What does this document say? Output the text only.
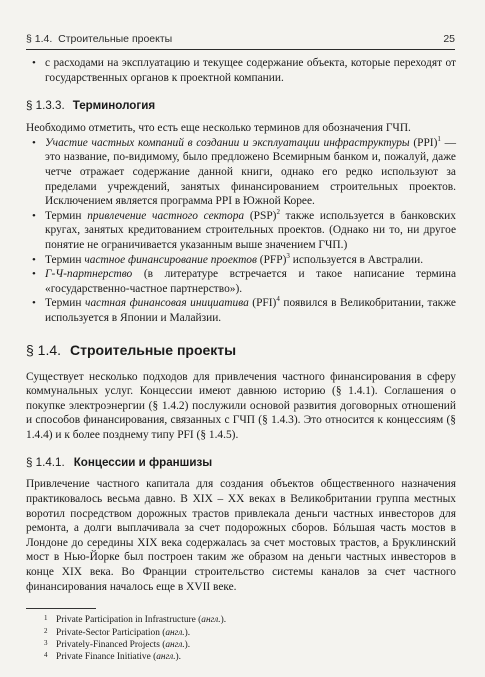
§ 1.4. Строительные проекты	25
• с расходами на эксплуатацию и текущее содержание объекта, которые переходят от государственных органов к проектной компании.
§ 1.3.3. Терминология

Необходимо отметить, что есть еще несколько терминов для обозначения ГЧП.

• Участие частных компаний в создании и эксплуатации инфраструктуры (PPI)$^1$ — это название, по-видимому, было предложено Всемирным банком и, пожалуй, даже четче отражает содержание данной книги, однако его редко используют за пределами учреждений, занятых финансированием строительных проектов. Исключением является программа PPI в Южной Корее.
• Термин привлечение частного сектора (PSP)$^2$ также используется в банковских кругах, занятых кредитованием строительных проектов. (Однако ни то, ни другое понятие не ограничивается указанным выше значением ГЧП.)
• Термин частное финансирование проектов (PFP)$^3$ используется в Австралии.
• Г-Ч-партнерство (в литературе встречается и такое написание термина «государственно-частное партнерство»).
• Термин частная финансовая инициатива (PFI)$^4$ появился в Великобритании, также используется в Японии и Малайзии.
§ 1.4. Строительные проекты

Существует несколько подходов для привлечения частного финансирования в сферу коммунальных услуг. Концессии имеют давнюю историю (§ 1.4.1). Соглашения о покупке электроэнергии (§ 1.4.2) послужили основой развития договорных отношений и способов финансирования, связанных с ГЧП (§ 1.4.3). Это относится к концессиям (§ 1.4.4) и к более позднему типу PFI (§ 1.4.5).

§ 1.4.1. Концессии и франшизы

Привлечение частного капитала для создания объектов общественного назначения практиковалось весьма давно. В XIX – XX веках в Великобритании группа местных воротил посредством дорожных трастов привлекала деньги частных инвесторов для ремонта, а долги выплачивала за счет подорожных сборов. Бóльшая часть мостов в Лондоне до середины XIX века содержалась за счет мостовых трастов, а Бруклинский мост в Нью-Йорке был построен таким же образом на деньги частных инвесторов в конце XIX века. Во Франции строительство системы каналов за счет частного финансирования началось еще в XVII веке.

1 Private Participation in Infrastructure (англ.).
2 Private-Sector Participation (англ.).
3 Privately-Financed Projects (англ.).
4 Private Finance Initiative (англ.).
